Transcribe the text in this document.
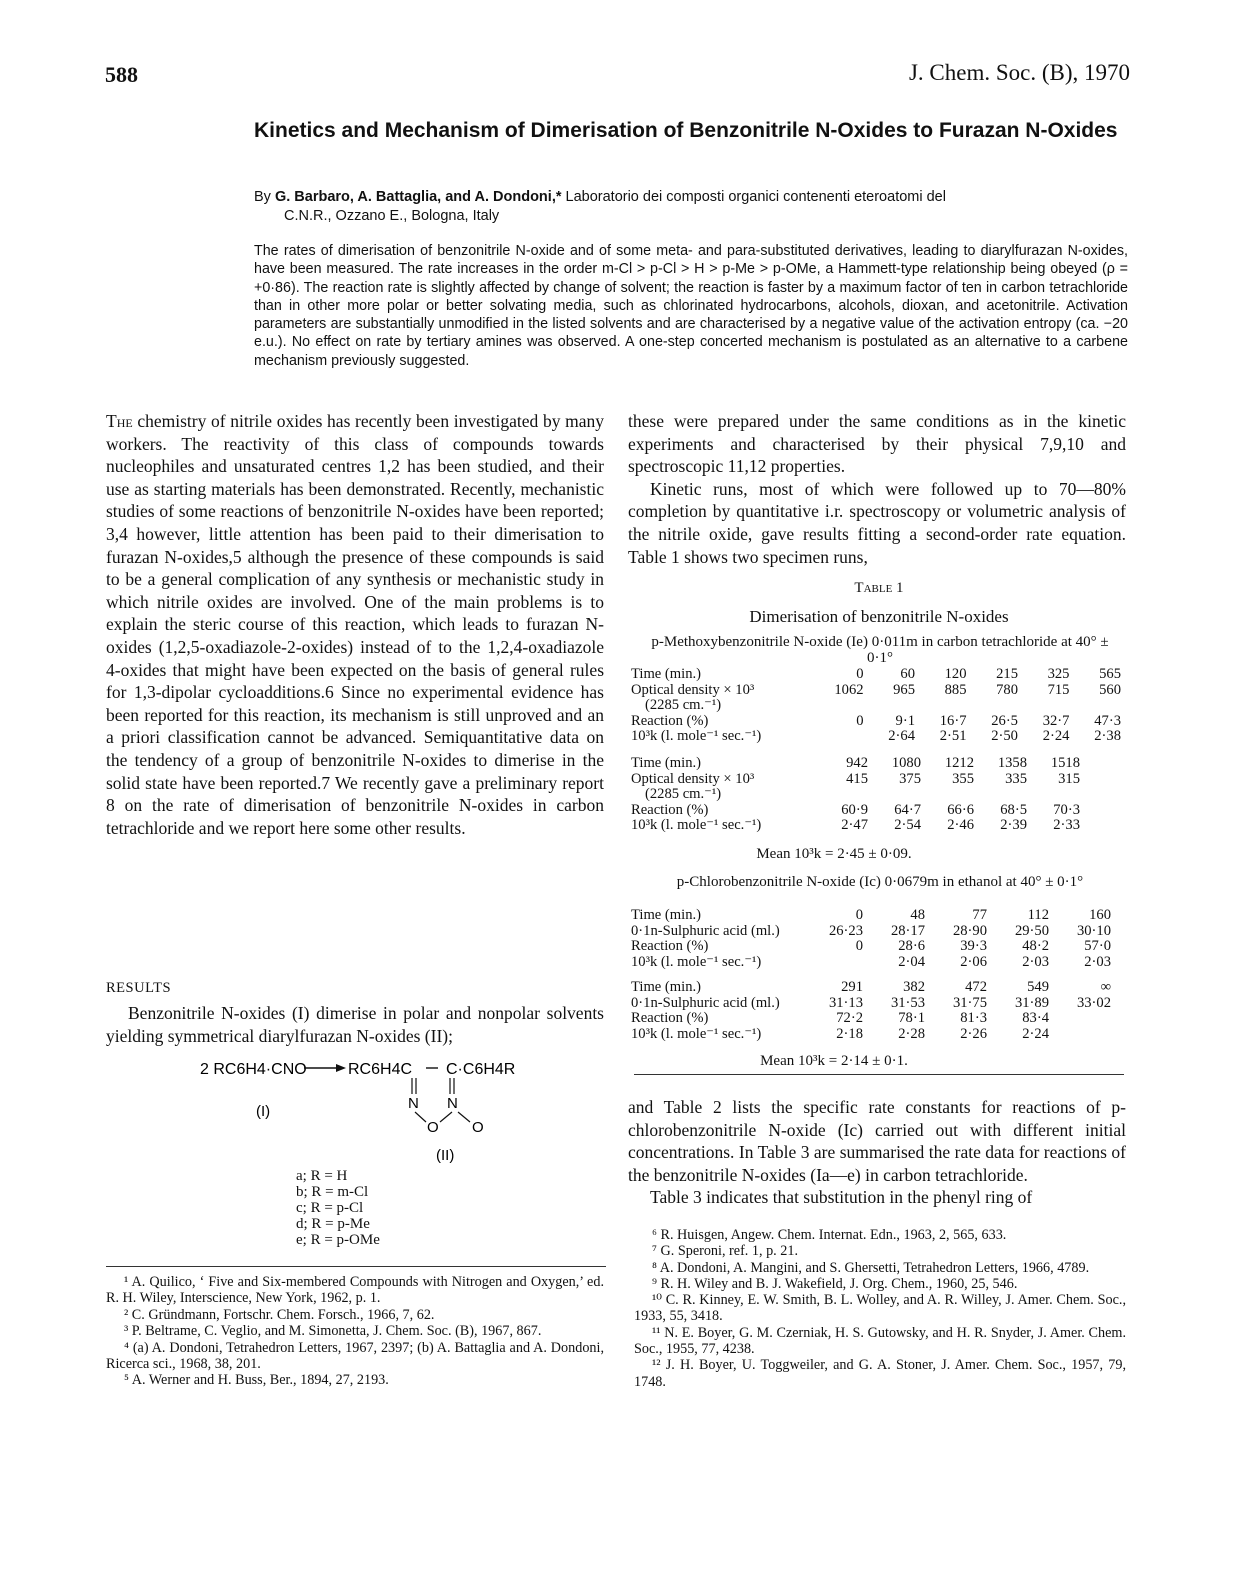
588	J. Chem. Soc. (B), 1970
Kinetics and Mechanism of Dimerisation of Benzonitrile N-Oxides to Furazan N-Oxides
By G. Barbaro, A. Battaglia, and A. Dondoni,* Laboratorio dei composti organici contenenti eteroatomi del
C.N.R., Ozzano E., Bologna, Italy
The rates of dimerisation of benzonitrile N-oxide and of some meta- and para-substituted derivatives, leading to diarylfurazan N-oxides, have been measured. The rate increases in the order m-Cl > p-Cl > H > p-Me > p-OMe, a Hammett-type relationship being obeyed (ρ = +0·86). The reaction rate is slightly affected by change of solvent; the reaction is faster by a maximum factor of ten in carbon tetrachloride than in other more polar or better solvating media, such as chlorinated hydrocarbons, alcohols, dioxan, and acetonitrile. Activation parameters are substantially unmodified in the listed solvents and are characterised by a negative value of the activation entropy (ca. −20 e.u.). No effect on rate by tertiary amines was observed. A one-step concerted mechanism is postulated as an alternative to a carbene mechanism previously suggested.

The chemistry of nitrile oxides has recently been investigated by many workers. The reactivity of this class of compounds towards nucleophiles and unsaturated centres 1,2 has been studied, and their use as starting materials has been demonstrated. Recently, mechanistic studies of some reactions of benzonitrile N-oxides have been reported; 3,4 however, little attention has been paid to their dimerisation to furazan N-oxides,5 although the presence of these compounds is said to be a general complication of any synthesis or mechanistic study in which nitrile oxides are involved. One of the main problems is to explain the steric course of this reaction, which leads to furazan N-oxides (1,2,5-oxadiazole-2-oxides) instead of to the 1,2,4-oxadiazole 4-oxides that might have been expected on the basis of general rules for 1,3-dipolar cycloadditions.6 Since no experimental evidence has been reported for this reaction, its mechanism is still unproved and an a priori classification cannot be advanced. Semiquantitative data on the tendency of a group of benzonitrile N-oxides to dimerise in the solid state have been reported.7 We recently gave a preliminary report 8 on the rate of dimerisation of benzonitrile N-oxides in carbon tetrachloride and we report here some other results.

RESULTS

Benzonitrile N-oxides (I) dimerise in polar and nonpolar solvents yielding symmetrical diarylfurazan N-oxides (II);

2 RC6H4·CNO	RC6H4C C·C6H4R
N N
O O
(I)
(II)
a; R = H
b; R = m-Cl
c; R = p-Cl
d; R = p-Me
e; R = p-OMe

¹ A. Quilico, ‘ Five and Six-membered Compounds with Nitrogen and Oxygen,’ ed. R. H. Wiley, Interscience, New York, 1962, p. 1.

² C. Gründmann, Fortschr. Chem. Forsch., 1966, 7, 62.

³ P. Beltrame, C. Veglio, and M. Simonetta, J. Chem. Soc. (B), 1967, 867.

⁴ (a) A. Dondoni, Tetrahedron Letters, 1967, 2397; (b) A. Battaglia and A. Dondoni, Ricerca sci., 1968, 38, 201.

⁵ A. Werner and H. Buss, Ber., 1894, 27, 2193.

these were prepared under the same conditions as in the kinetic experiments and characterised by their physical 7,9,10 and spectroscopic 11,12 properties.

Kinetic runs, most of which were followed up to 70—80% completion by quantitative i.r. spectroscopy or volumetric analysis of the nitrile oxide, gave results fitting a second-order rate equation. Table 1 shows two specimen runs,

Table 1
Dimerisation of benzonitrile N-oxides
p-Methoxybenzonitrile N-oxide (Ie) 0·011m in carbon tetrachloride at 40° ± 0·1°
Time (min.)	0	60	120	215	325	565
Optical density × 10³	1062	965	885	780	715	560
(2285 cm.⁻¹)						
Reaction (%)	0	9·1	16·7	26·5	32·7	47·3
10³k (l. mole⁻¹ sec.⁻¹)		2·64	2·51	2·50	2·24	2·38
Time (min.)	942	1080	1212	1358	1518
Optical density × 10³	415	375	355	335	315
(2285 cm.⁻¹)					
Reaction (%)	60·9	64·7	66·6	68·5	70·3
10³k (l. mole⁻¹ sec.⁻¹)	2·47	2·54	2·46	2·39	2·33
Mean 10³k = 2·45 ± 0·09.
p-Chlorobenzonitrile N-oxide (Ic) 0·0679m in ethanol at 40° ± 0·1°
Time (min.)	0	48	77	112	160
0·1n-Sulphuric acid (ml.)	26·23	28·17	28·90	29·50	30·10
Reaction (%)	0	28·6	39·3	48·2	57·0
10³k (l. mole⁻¹ sec.⁻¹)		2·04	2·06	2·03	2·03
Time (min.)	291	382	472	549	∞
0·1n-Sulphuric acid (ml.)	31·13	31·53	31·75	31·89	33·02
Reaction (%)	72·2	78·1	81·3	83·4	
10³k (l. mole⁻¹ sec.⁻¹)	2·18	2·28	2·26	2·24	
Mean 10³k = 2·14 ± 0·1.

and Table 2 lists the specific rate constants for reactions of p-chlorobenzonitrile N-oxide (Ic) carried out with different initial concentrations. In Table 3 are summarised the rate data for reactions of the benzonitrile N-oxides (Ia—e) in carbon tetrachloride.

Table 3 indicates that substitution in the phenyl ring of

⁶ R. Huisgen, Angew. Chem. Internat. Edn., 1963, 2, 565, 633.

⁷ G. Speroni, ref. 1, p. 21.

⁸ A. Dondoni, A. Mangini, and S. Ghersetti, Tetrahedron Letters, 1966, 4789.

⁹ R. H. Wiley and B. J. Wakefield, J. Org. Chem., 1960, 25, 546.

¹⁰ C. R. Kinney, E. W. Smith, B. L. Wolley, and A. R. Willey, J. Amer. Chem. Soc., 1933, 55, 3418.

¹¹ N. E. Boyer, G. M. Czerniak, H. S. Gutowsky, and H. R. Snyder, J. Amer. Chem. Soc., 1955, 77, 4238.

¹² J. H. Boyer, U. Toggweiler, and G. A. Stoner, J. Amer. Chem. Soc., 1957, 79, 1748.
